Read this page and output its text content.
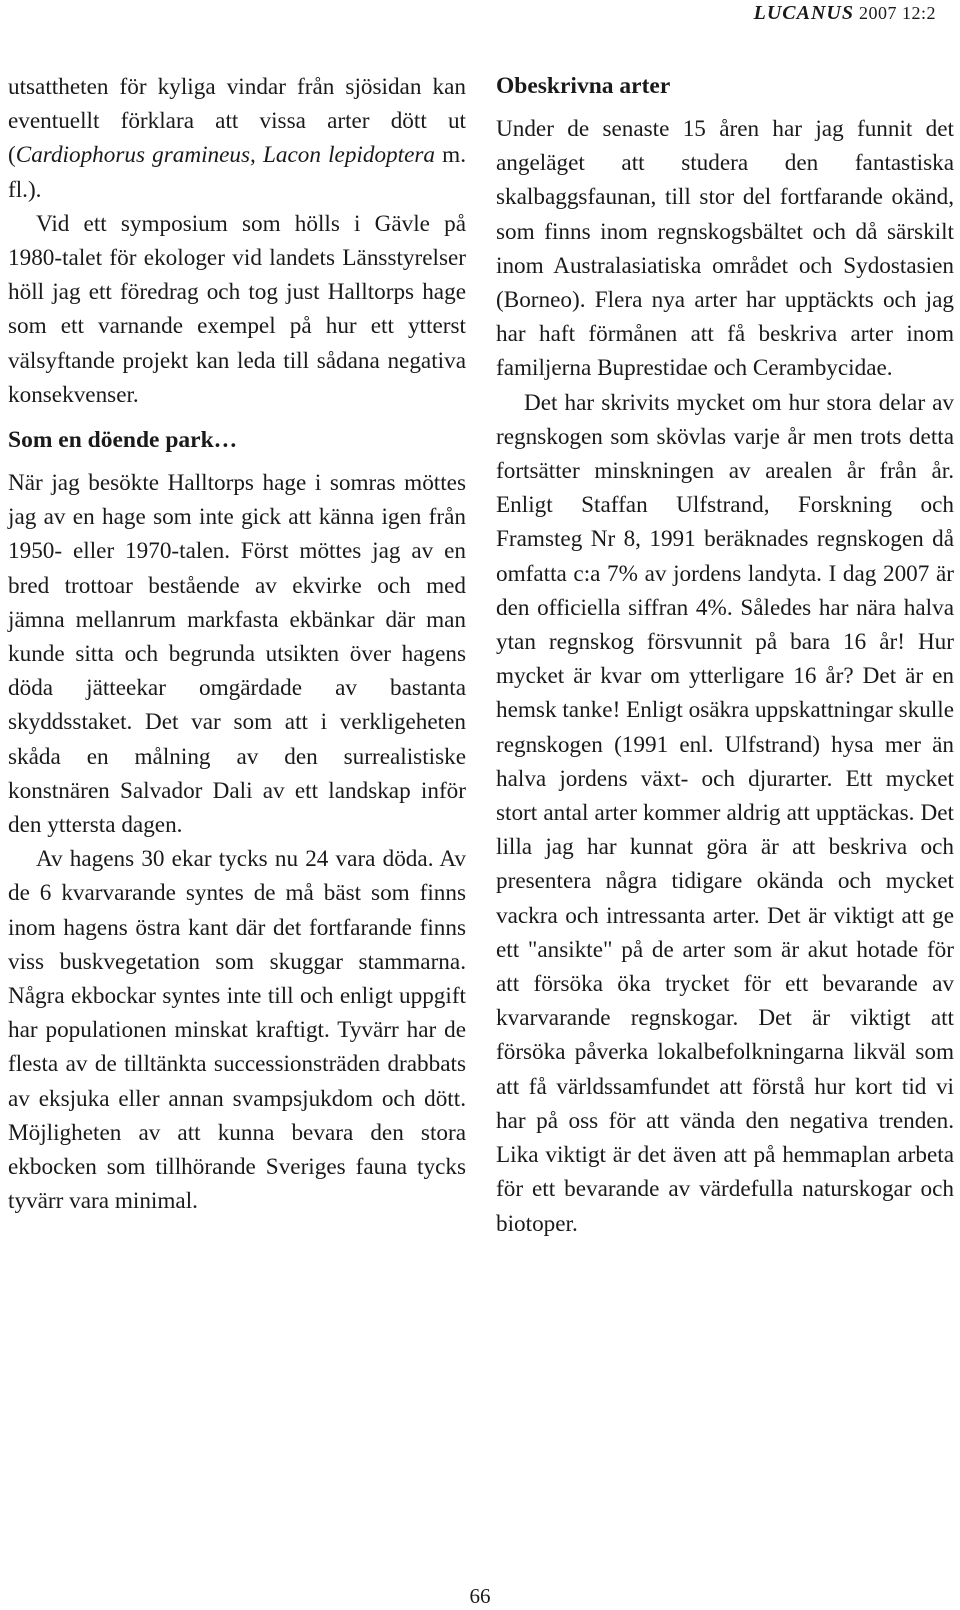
LUCANUS 2007 12:2

utsattheten för kyliga vindar från sjösidan kan eventuellt förklara att vissa arter dött ut (Cardiophorus gramineus, Lacon lepidoptera m. fl.).

Vid ett symposium som hölls i Gävle på 1980-talet för ekologer vid landets Länsstyrelser höll jag ett föredrag och tog just Halltorps hage som ett varnande exempel på hur ett ytterst välsyftande projekt kan leda till sådana negativa konsekvenser.

Som en döende park…

När jag besökte Halltorps hage i somras möttes jag av en hage som inte gick att känna igen från 1950- eller 1970-talen. Först möttes jag av en bred trottoar bestående av ekvirke och med jämna mellanrum markfasta ekbänkar där man kunde sitta och begrunda utsikten över hagens döda jätteekar omgärdade av bastanta skyddsstaket. Det var som att i verkligeheten skåda en målning av den surrealistiske konstnären Salvador Dali av ett landskap inför den yttersta dagen.

Av hagens 30 ekar tycks nu 24 vara döda. Av de 6 kvarvarande syntes de må bäst som finns inom hagens östra kant där det fortfarande finns viss buskvegetation som skuggar stammarna. Några ekbockar syntes inte till och enligt uppgift har populationen minskat kraftigt. Tyvärr har de flesta av de tilltänkta successionsträden drabbats av eksjuka eller annan svampsjukdom och dött. Möjligheten av att kunna bevara den stora ekbocken som tillhörande Sveriges fauna tycks tyvärr vara minimal.

Obeskrivna arter

Under de senaste 15 åren har jag funnit det angeläget att studera den fantastiska skalbaggsfaunan, till stor del fortfarande okänd, som finns inom regnskogsbältet och då särskilt inom Australasiatiska området och Sydostasien (Borneo). Flera nya arter har upptäckts och jag har haft förmånen att få beskriva arter inom familjerna Buprestidae och Cerambycidae.

Det har skrivits mycket om hur stora delar av regnskogen som skövlas varje år men trots detta fortsätter minskningen av arealen år från år. Enligt Staffan Ulfstrand, Forskning och Framsteg Nr 8, 1991 beräknades regnskogen då omfatta c:a 7% av jordens landyta. I dag 2007 är den officiella siffran 4%. Således har nära halva ytan regnskog försvunnit på bara 16 år! Hur mycket är kvar om ytterligare 16 år? Det är en hemsk tanke! Enligt osäkra uppskattningar skulle regnskogen (1991 enl. Ulfstrand) hysa mer än halva jordens växt- och djurarter. Ett mycket stort antal arter kommer aldrig att upptäckas. Det lilla jag har kunnat göra är att beskriva och presentera några tidigare okända och mycket vackra och intressanta arter. Det är viktigt att ge ett "ansikte" på de arter som är akut hotade för att försöka öka trycket för ett bevarande av kvarvarande regnskogar. Det är viktigt att försöka påverka lokalbefolkningarna likväl som att få världssamfundet att förstå hur kort tid vi har på oss för att vända den negativa trenden. Lika viktigt är det även att på hemmaplan arbeta för ett bevarande av värdefulla naturskogar och biotoper.

66
